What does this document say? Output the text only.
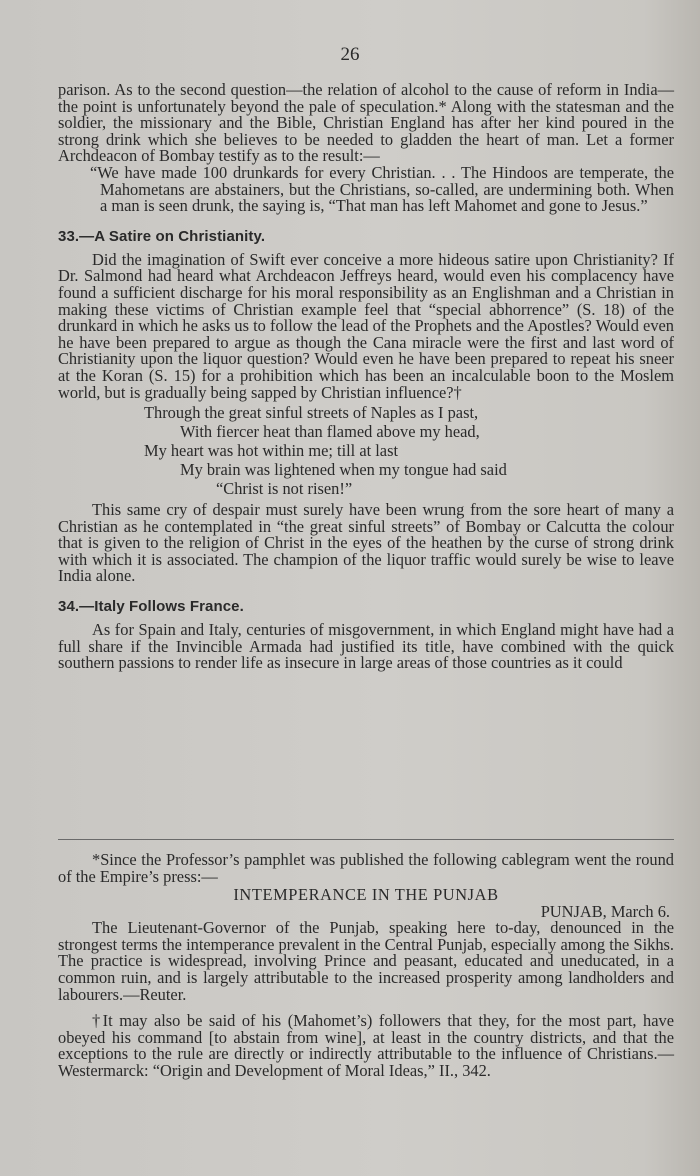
26

parison. As to the second question—the relation of alcohol to the cause of reform in India—the point is unfortunately beyond the pale of speculation.* Along with the statesman and the soldier, the missionary and the Bible, Christian England has after her kind poured in the strong drink which she believes to be needed to gladden the heart of man. Let a former Archdeacon of Bombay testify as to the result:—

“We have made 100 drunkards for every Christian. . . The Hindoos are temperate, the Mahometans are abstainers, but the Christians, so-called, are undermining both. When a man is seen drunk, the saying is, “That man has left Mahomet and gone to Jesus.”

33.—A Satire on Christianity.

Did the imagination of Swift ever conceive a more hideous satire upon Christianity? If Dr. Salmond had heard what Archdeacon Jeffreys heard, would even his complacency have found a sufficient discharge for his moral responsibility as an Englishman and a Christian in making these victims of Christian example feel that “special abhorrence” (S. 18) of the drunkard in which he asks us to follow the lead of the Prophets and the Apostles? Would even he have been prepared to argue as though the Cana miracle were the first and last word of Christianity upon the liquor question? Would even he have been prepared to repeat his sneer at the Koran (S. 15) for a prohibition which has been an incalculable boon to the Moslem world, but is gradually being sapped by Christian influence?†

Through the great sinful streets of Naples as I past,
With fiercer heat than flamed above my head,
My heart was hot within me; till at last
My brain was lightened when my tongue had said
“Christ is not risen!”

This same cry of despair must surely have been wrung from the sore heart of many a Christian as he contemplated in “the great sinful streets” of Bombay or Calcutta the colour that is given to the religion of Christ in the eyes of the heathen by the curse of strong drink with which it is associated. The champion of the liquor traffic would surely be wise to leave India alone.

34.—Italy Follows France.

As for Spain and Italy, centuries of misgovernment, in which England might have had a full share if the Invincible Armada had justified its title, have combined with the quick southern passions to render life as insecure in large areas of those countries as it could

*Since the Professor’s pamphlet was published the following cablegram went the round of the Empire’s press:—

INTEMPERANCE IN THE PUNJAB
PUNJAB, March 6.

The Lieutenant-Governor of the Punjab, speaking here to-day, denounced in the strongest terms the intemperance prevalent in the Central Punjab, especially among the Sikhs. The practice is widespread, involving Prince and peasant, educated and uneducated, in a common ruin, and is largely attributable to the increased prosperity among landholders and labourers.—Reuter.

†It may also be said of his (Mahomet’s) followers that they, for the most part, have obeyed his command [to abstain from wine], at least in the country districts, and that the exceptions to the rule are directly or indirectly attributable to the influence of Christians.—Westermarck: “Origin and Development of Moral Ideas,” II., 342.
